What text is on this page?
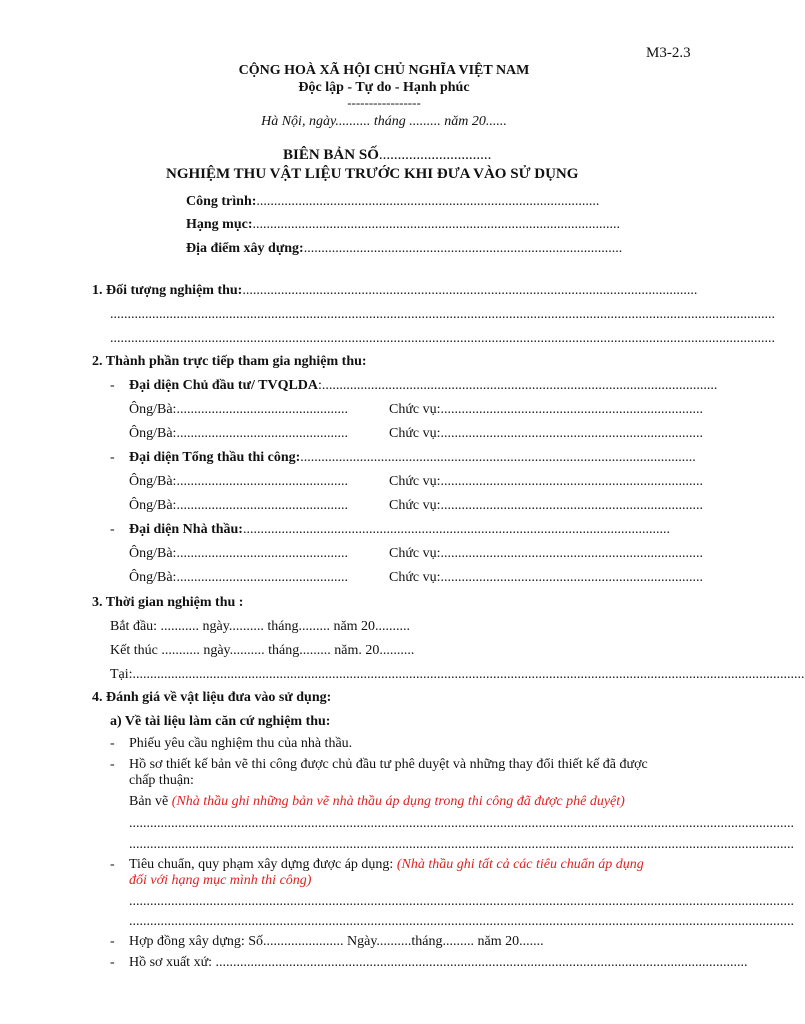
M3-2.3
CỘNG HOÀ XÃ HỘI CHỦ NGHĨA VIỆT NAM
Độc lập - Tự do - Hạnh phúc
-----------------
Hà Nội, ngày.......... tháng ......... năm 20......
BIÊN BẢN SỐ..............................
NGHIỆM THU VẬT LIỆU TRƯỚC KHI ĐƯA VÀO SỬ DỤNG
Công trình:..................................................................................................
Hạng mục:.........................................................................................................
Địa điểm xây dựng:...........................................................................................
1. Đối tượng nghiệm thu:..................................................................................................................................
..............................................................................................................................................................................................
..............................................................................................................................................................................................
2. Thành phần trực tiếp tham gia nghiệm thu:
- Đại diện Chủ đầu tư/ TVQLDA:.................................................................................................................
Ông/Bà:.................................................	Chức vụ:...........................................................................
Ông/Bà:.................................................	Chức vụ:...........................................................................
- Đại diện Tổng thầu thi công:.................................................................................................................
Ông/Bà:.................................................	Chức vụ:...........................................................................
Ông/Bà:.................................................	Chức vụ:...........................................................................
- Đại diện Nhà thầu:..........................................................................................................................
Ông/Bà:.................................................	Chức vụ:...........................................................................
Ông/Bà:.................................................	Chức vụ:...........................................................................
3. Thời gian nghiệm thu :
Bắt đầu: ........... ngày.......... tháng......... năm 20..........
Kết thúc ........... ngày.......... tháng......... năm. 20..........
Tại:................................................................................................................................................................................................
4. Đánh giá về vật liệu đưa vào sử dụng:
a) Về tài liệu làm căn cứ nghiệm thu:
- Phiếu yêu cầu nghiệm thu của nhà thầu.
- Hồ sơ thiết kế bản vẽ thi công được chủ đầu tư phê duyệt và những thay đổi thiết kế đã được
chấp thuận:
Bản vẽ (Nhà thầu ghi những bản vẽ nhà thầu áp dụng trong thi công đã được phê duyệt)
..............................................................................................................................................................................................
..............................................................................................................................................................................................
- Tiêu chuẩn, quy phạm xây dựng được áp dụng: (Nhà thầu ghi tất cả các tiêu chuẩn áp dụng
đối với hạng mục mình thi công)
..............................................................................................................................................................................................
..............................................................................................................................................................................................
- Hợp đồng xây dựng: Số....................... Ngày..........tháng......... năm 20.......
- Hồ sơ xuất xứ: ........................................................................................................................................................
